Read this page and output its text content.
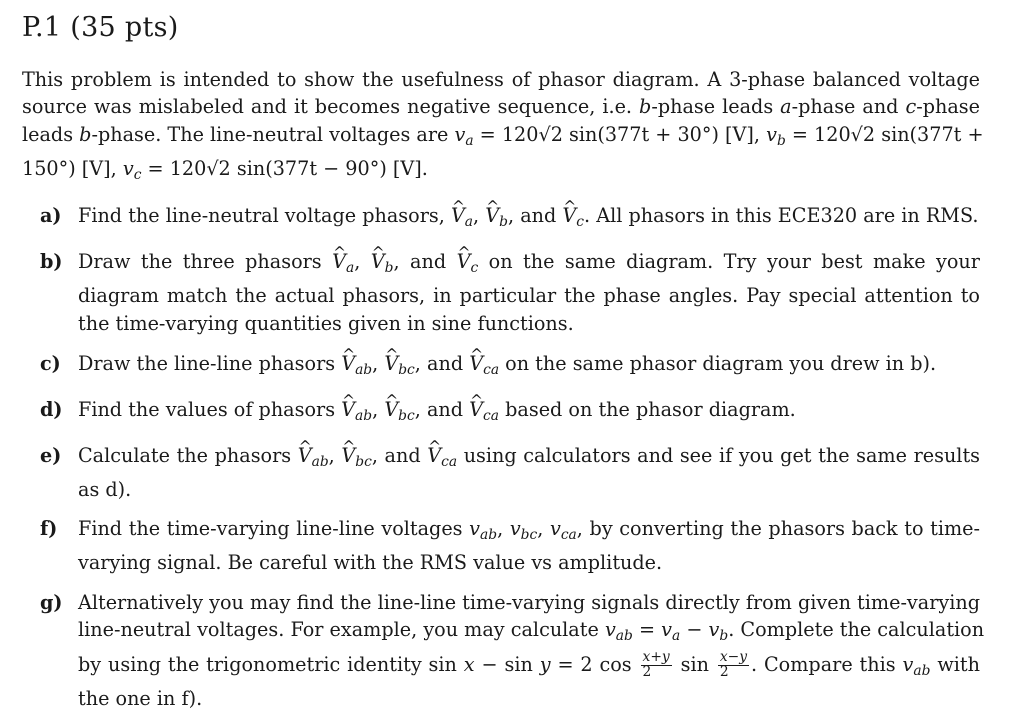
P.1 (35 pts)
This problem is intended to show the usefulness of phasor diagram. A 3-phase balanced voltage
source was mislabeled and it becomes negative sequence, i.e. b-phase leads a-phase and c-phase
leads b-phase. The line-neutral voltages are $v_a = 120√2$ sin(377t + 30°) [V], $v_b = 120√2$ sin(377t +
150°) [V], $v_c = 120√2$ sin(377t − 90°) [V].
a) Find the line-neutral voltage phasors, ^ $V_a$, ^ $V_b$, and ^ $V_c$. All phasors in this ECE320 are in RMS.
b) Draw the three phasors ^ $V_a$, ^ $V_b$, and ^ $V_c$ on the same diagram. Try your best make your
diagram match the actual phasors, in particular the phase angles. Pay special attention to
the time-varying quantities given in sine functions.
c) Draw the line-line phasors ^ $V_{ab}$, ^ $V_{bc}$, and ^ $V_{ca}$ on the same phasor diagram you drew in b).
d) Find the values of phasors ^ $V_{ab}$, ^ $V_{bc}$, and ^ $V_{ca}$ based on the phasor diagram.
e) Calculate the phasors ^ $V_{ab}$, ^ $V_{bc}$, and ^ $V_{ca}$ using calculators and see if you get the same results
as d).
f) Find the time-varying line-line voltages $v_{ab}$, $v_{bc}$, $v_{ca}$, by converting the phasors back to time-
varying signal. Be careful with the RMS value vs amplitude.
g) Alternatively you may find the line-line time-varying signals directly from given time-varying
line-neutral voltages. For example, you may calculate $v_{ab} = v_a - v_b$. Complete the calculation
by using the trigonometric identity sin x − sin y = 2 $\cos \frac{x+y}{2}$ $\sin \frac{x-y}{2}$ . Compare this $v_{ab}$ with
the one in f).
